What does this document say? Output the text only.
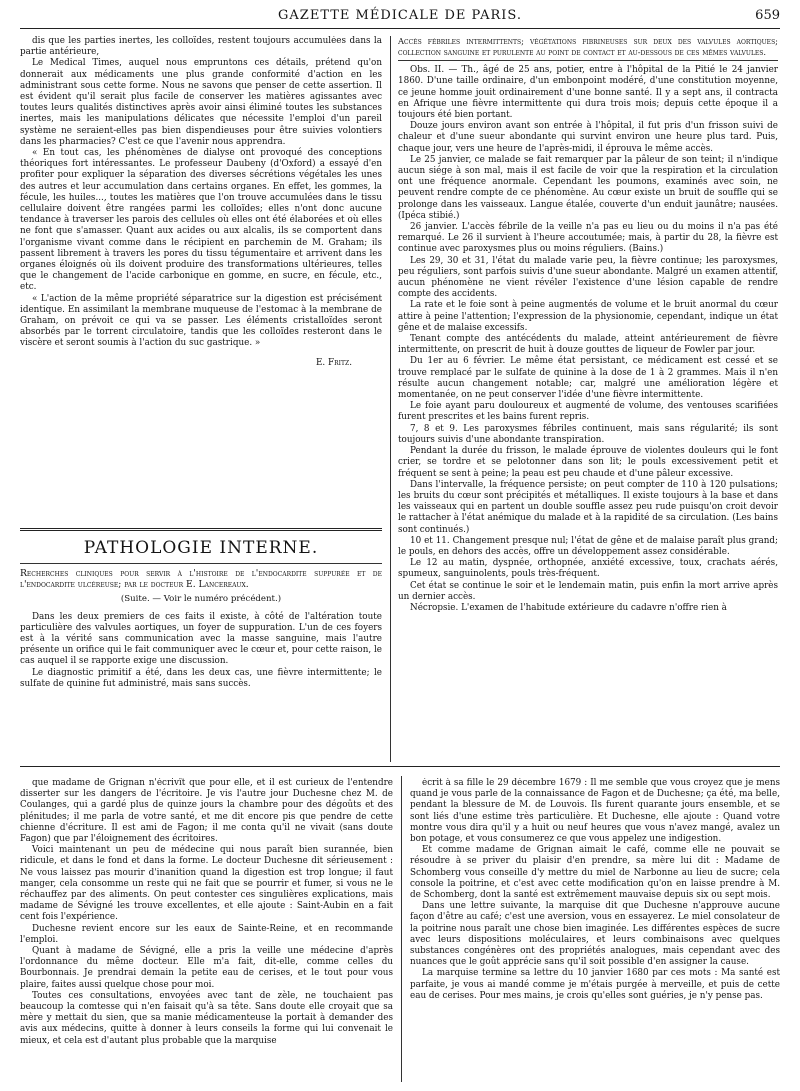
GAZETTE MÉDICALE DE PARIS.	659

dis que les parties inertes, les colloïdes, restent toujours accumulées dans la partie antérieure,

Le Medical Times, auquel nous empruntons ces détails, prétend qu'on donnerait aux médicaments une plus grande conformité d'action en les administrant sous cette forme. Nous ne savons que penser de cette assertion. Il est évident qu'il serait plus facile de conserver les matières agissantes avec toutes leurs qualités distinctives après avoir ainsi éliminé toutes les substances inertes, mais les manipulations délicates que nécessite l'emploi d'un pareil système ne seraient-elles pas bien dispendieuses pour être suivies volontiers dans les pharmacies? C'est ce que l'avenir nous apprendra.

« En tout cas, les phénomènes de dialyse ont provoqué des conceptions théoriques fort intéressantes. Le professeur Daubeny (d'Oxford) a essayé d'en profiter pour expliquer la séparation des diverses sécrétions végétales les unes des autres et leur accumulation dans certains organes. En effet, les gommes, la fécule, les huiles..., toutes les matières que l'on trouve accumulées dans le tissu cellulaire doivent être rangées parmi les colloïdes; elles n'ont donc aucune tendance à traverser les parois des cellules où elles ont été élaborées et où elles ne font que s'amasser. Quant aux acides ou aux alcalis, ils se comportent dans l'organisme vivant comme dans le récipient en parchemin de M. Graham; ils passent librement à travers les pores du tissu tégumentaire et arrivent dans les organes éloignés où ils doivent produire des transformations ultérieures, telles que le changement de l'acide carbonique en gomme, en sucre, en fécule, etc., etc.

« L'action de la même propriété séparatrice sur la digestion est précisément identique. En assimilant la membrane muqueuse de l'estomac à la membrane de Graham, on prévoit ce qui va se passer. Les éléments cristalloïdes seront absorbés par le torrent circulatoire, tandis que les colloïdes resteront dans le viscère et seront soumis à l'action du suc gastrique. »

E. Fritz.

PATHOLOGIE INTERNE.

Recherches cliniques pour servir à l'histoire de l'endocardite suppurée et de l'endocardite ulcéreuse; par le docteur E. Lancereaux.

(Suite. — Voir le numéro précédent.)

Dans les deux premiers de ces faits il existe, à côté de l'altération toute particulière des valvules aortiques, un foyer de suppuration. L'un de ces foyers est à la vérité sans communication avec la masse sanguine, mais l'autre présente un orifice qui le fait communiquer avec le cœur et, pour cette raison, le cas auquel il se rapporte exige une discussion.

Le diagnostic primitif a été, dans les deux cas, une fièvre intermittente; le sulfate de quinine fut administré, mais sans succès.

Accès fébriles intermittents; végétations fibrineuses sur deux des valvules aortiques; collection sanguine et purulente au point de contact et au-dessous de ces mêmes valvules.

Obs. II. — Th., âgé de 25 ans, potier, entre à l'hôpital de la Pitié le 24 janvier 1860. D'une taille ordinaire, d'un embonpoint modéré, d'une constitution moyenne, ce jeune homme jouit ordinairement d'une bonne santé. Il y a sept ans, il contracta en Afrique une fièvre intermittente qui dura trois mois; depuis cette époque il a toujours été bien portant.

Douze jours environ avant son entrée à l'hôpital, il fut pris d'un frisson suivi de chaleur et d'une sueur abondante qui survint environ une heure plus tard. Puis, chaque jour, vers une heure de l'après-midi, il éprouva le même accès.

Le 25 janvier, ce malade se fait remarquer par la pâleur de son teint; il n'indique aucun siége à son mal, mais il est facile de voir que la respiration et la circulation ont une fréquence anormale. Cependant les poumons, examinés avec soin, ne peuvent rendre compte de ce phénomène. Au cœur existe un bruit de souffle qui se prolonge dans les vaisseaux. Langue étalée, couverte d'un enduit jaunâtre; nausées. (Ipéca stibié.)

26 janvier. L'accès fébrile de la veille n'a pas eu lieu ou du moins il n'a pas été remarqué. Le 26 il survient à l'heure accoutumée; mais, à partir du 28, la fièvre est continue avec paroxysmes plus ou moins réguliers. (Bains.)

Les 29, 30 et 31, l'état du malade varie peu, la fièvre continue; les paroxysmes, peu réguliers, sont parfois suivis d'une sueur abondante. Malgré un examen attentif, aucun phénomène ne vient révéler l'existence d'une lésion capable de rendre compte des accidents.

La rate et le foie sont à peine augmentés de volume et le bruit anormal du cœur attire à peine l'attention; l'expression de la physionomie, cependant, indique un état gêne et de malaise excessifs.

Tenant compte des antécédents du malade, atteint antérieurement de fièvre intermittente, on prescrit de huit à douze gouttes de liqueur de Fowler par jour.

Du 1er au 6 février. Le même état persistant, ce médicament est cessé et se trouve remplacé par le sulfate de quinine à la dose de 1 à 2 grammes. Mais il n'en résulte aucun changement notable; car, malgré une amélioration légère et momentanée, on ne peut conserver l'idée d'une fièvre intermittente.

Le foie ayant paru douloureux et augmenté de volume, des ventouses scarifiées furent prescrites et les bains furent repris.

7, 8 et 9. Les paroxysmes fébriles continuent, mais sans régularité; ils sont toujours suivis d'une abondante transpiration.

Pendant la durée du frisson, le malade éprouve de violentes douleurs qui le font crier, se tordre et se pelotonner dans son lit; le pouls excessivement petit et fréquent se sent à peine; la peau est peu chaude et d'une pâleur excessive.

Dans l'intervalle, la fréquence persiste; on peut compter de 110 à 120 pulsations; les bruits du cœur sont précipités et métalliques. Il existe toujours à la base et dans les vaisseaux qui en partent un double souffle assez peu rude puisqu'on croit devoir le rattacher à l'état anémique du malade et à la rapidité de sa circulation. (Les bains sont continués.)

10 et 11. Changement presque nul; l'état de gêne et de malaise paraît plus grand; le pouls, en dehors des accès, offre un développement assez considérable.

Le 12 au matin, dyspnée, orthopnée, anxiété excessive, toux, crachats aérés, spumeux, sanguinolents, pouls très-fréquent.

Cet état se continue le soir et le lendemain matin, puis enfin la mort arrive après un dernier accès.

Nécropsie. L'examen de l'habitude extérieure du cadavre n'offre rien à

que madame de Grignan n'écrivît que pour elle, et il est curieux de l'entendre disserter sur les dangers de l'écritoire. Je vis l'autre jour Duchesne chez M. de Coulanges, qui a gardé plus de quinze jours la chambre pour des dégoûts et des plénitudes; il me parla de votre santé, et me dit encore pis que pendre de cette chienne d'écriture. Il est ami de Fagon; il me conta qu'il ne vivait (sans doute Fagon) que par l'éloignement des écritoires.

Voici maintenant un peu de médecine qui nous paraît bien surannée, bien ridicule, et dans le fond et dans la forme. Le docteur Duchesne dit sérieusement : Ne vous laissez pas mourir d'inanition quand la digestion est trop longue; il faut manger, cela consomme un reste qui ne fait que se pourrir et fumer, si vous ne le réchauffez par des aliments. On peut contester ces singulières explications, mais madame de Sévigné les trouve excellentes, et elle ajoute : Saint-Aubin en a fait cent fois l'expérience.

Duchesne revient encore sur les eaux de Sainte-Reine, et en recommande l'emploi.

Quant à madame de Sévigné, elle a pris la veille une médecine d'après l'ordonnance du même docteur. Elle m'a fait, dit-elle, comme celles du Bourbonnais. Je prendrai demain la petite eau de cerises, et le tout pour vous plaire, faites aussi quelque chose pour moi.

Toutes ces consultations, envoyées avec tant de zèle, ne touchaient pas beaucoup la comtesse qui n'en faisait qu'à sa tête. Sans doute elle croyait que sa mère y mettait du sien, que sa manie médicamenteuse la portait à demander des avis aux médecins, quitte à donner à leurs conseils la forme qui lui convenait le mieux, et cela est d'autant plus probable que la marquise

écrit à sa fille le 29 décembre 1679 : Il me semble que vous croyez que je mens quand je vous parle de la connaissance de Fagon et de Duchesne; ça été, ma belle, pendant la blessure de M. de Louvois. Ils furent quarante jours ensemble, et se sont liés d'une estime très particulière. Et Duchesne, elle ajoute : Quand votre montre vous dira qu'il y a huit ou neuf heures que vous n'avez mangé, avalez un bon potage, et vous consumerez ce que vous appelez une indigestion.

Et comme madame de Grignan aimait le café, comme elle ne pouvait se résoudre à se priver du plaisir d'en prendre, sa mère lui dit : Madame de Schomberg vous conseille d'y mettre du miel de Narbonne au lieu de sucre; cela console la poitrine, et c'est avec cette modification qu'on en laisse prendre à M. de Schomberg, dont la santé est extrêmement mauvaise depuis six ou sept mois.

Dans une lettre suivante, la marquise dit que Duchesne n'approuve aucune façon d'être au café; c'est une aversion, vous en essayerez. Le miel consolateur de la poitrine nous paraît une chose bien imaginée. Les différentes espèces de sucre avec leurs dispositions moléculaires, et leurs combinaisons avec quelques substances congénères ont des propriétés analogues, mais cependant avec des nuances que le goût apprécie sans qu'il soit possible d'en assigner la cause.

La marquise termine sa lettre du 10 janvier 1680 par ces mots : Ma santé est parfaite, je vous ai mandé comme je m'étais purgée à merveille, et puis de cette eau de cerises. Pour mes mains, je crois qu'elles sont guéries, je n'y pense pas.
